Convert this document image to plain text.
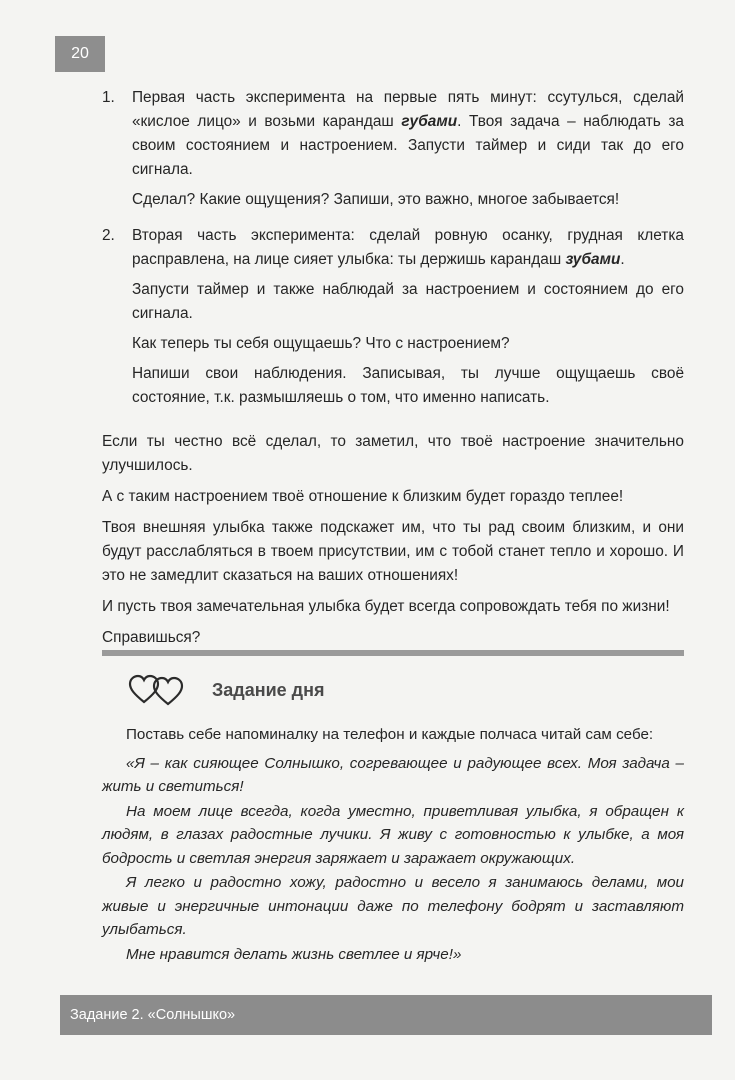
20
1.	Первая часть эксперимента на первые пять минут: ссутулься, сделай «кислое лицо» и возьми карандаш губами. Твоя задача – наблюдать за своим состоянием и настроением. Запусти таймер и сиди так до его сигнала.

Сделал? Какие ощущения? Запиши, это важно, многое забывается!

2.	Вторая часть эксперимента: сделай ровную осанку, грудная клетка расправлена, на лице сияет улыбка: ты держишь карандаш зубами.

Запусти таймер и также наблюдай за настроением и состоянием до его сигнала.

Как теперь ты себя ощущаешь? Что с настроением?

Напиши свои наблюдения. Записывая, ты лучше ощущаешь своё состояние, т.к. размышляешь о том, что именно написать.

Если ты честно всё сделал, то заметил, что твоё настроение значительно улучшилось.

А с таким настроением твоё отношение к близким будет гораздо теплее!

Твоя внешняя улыбка также подскажет им, что ты рад своим близким, и они будут расслабляться в твоем присутствии, им с тобой станет тепло и хорошо. И это не замедлит сказаться на ваших отношениях!

И пусть твоя замечательная улыбка будет всегда сопровождать тебя по жизни!

Справишься?

Задание дня

Поставь себе напоминалку на телефон и каждые полчаса читай сам себе:

«Я – как сияющее Солнышко, согревающее и радующее всех. Моя задача – жить и светиться!

На моем лице всегда, когда уместно, приветливая улыбка, я обращен к людям, в глазах радостные лучики. Я живу с готовностью к улыбке, а моя бодрость и светлая энергия заряжает и заражает окружающих.

Я легко и радостно хожу, радостно и весело я занимаюсь делами, мои живые и энергичные интонации даже по телефону бодрят и заставляют улыбаться.

Мне нравится делать жизнь светлее и ярче!»

Задание 2. «Солнышко»
